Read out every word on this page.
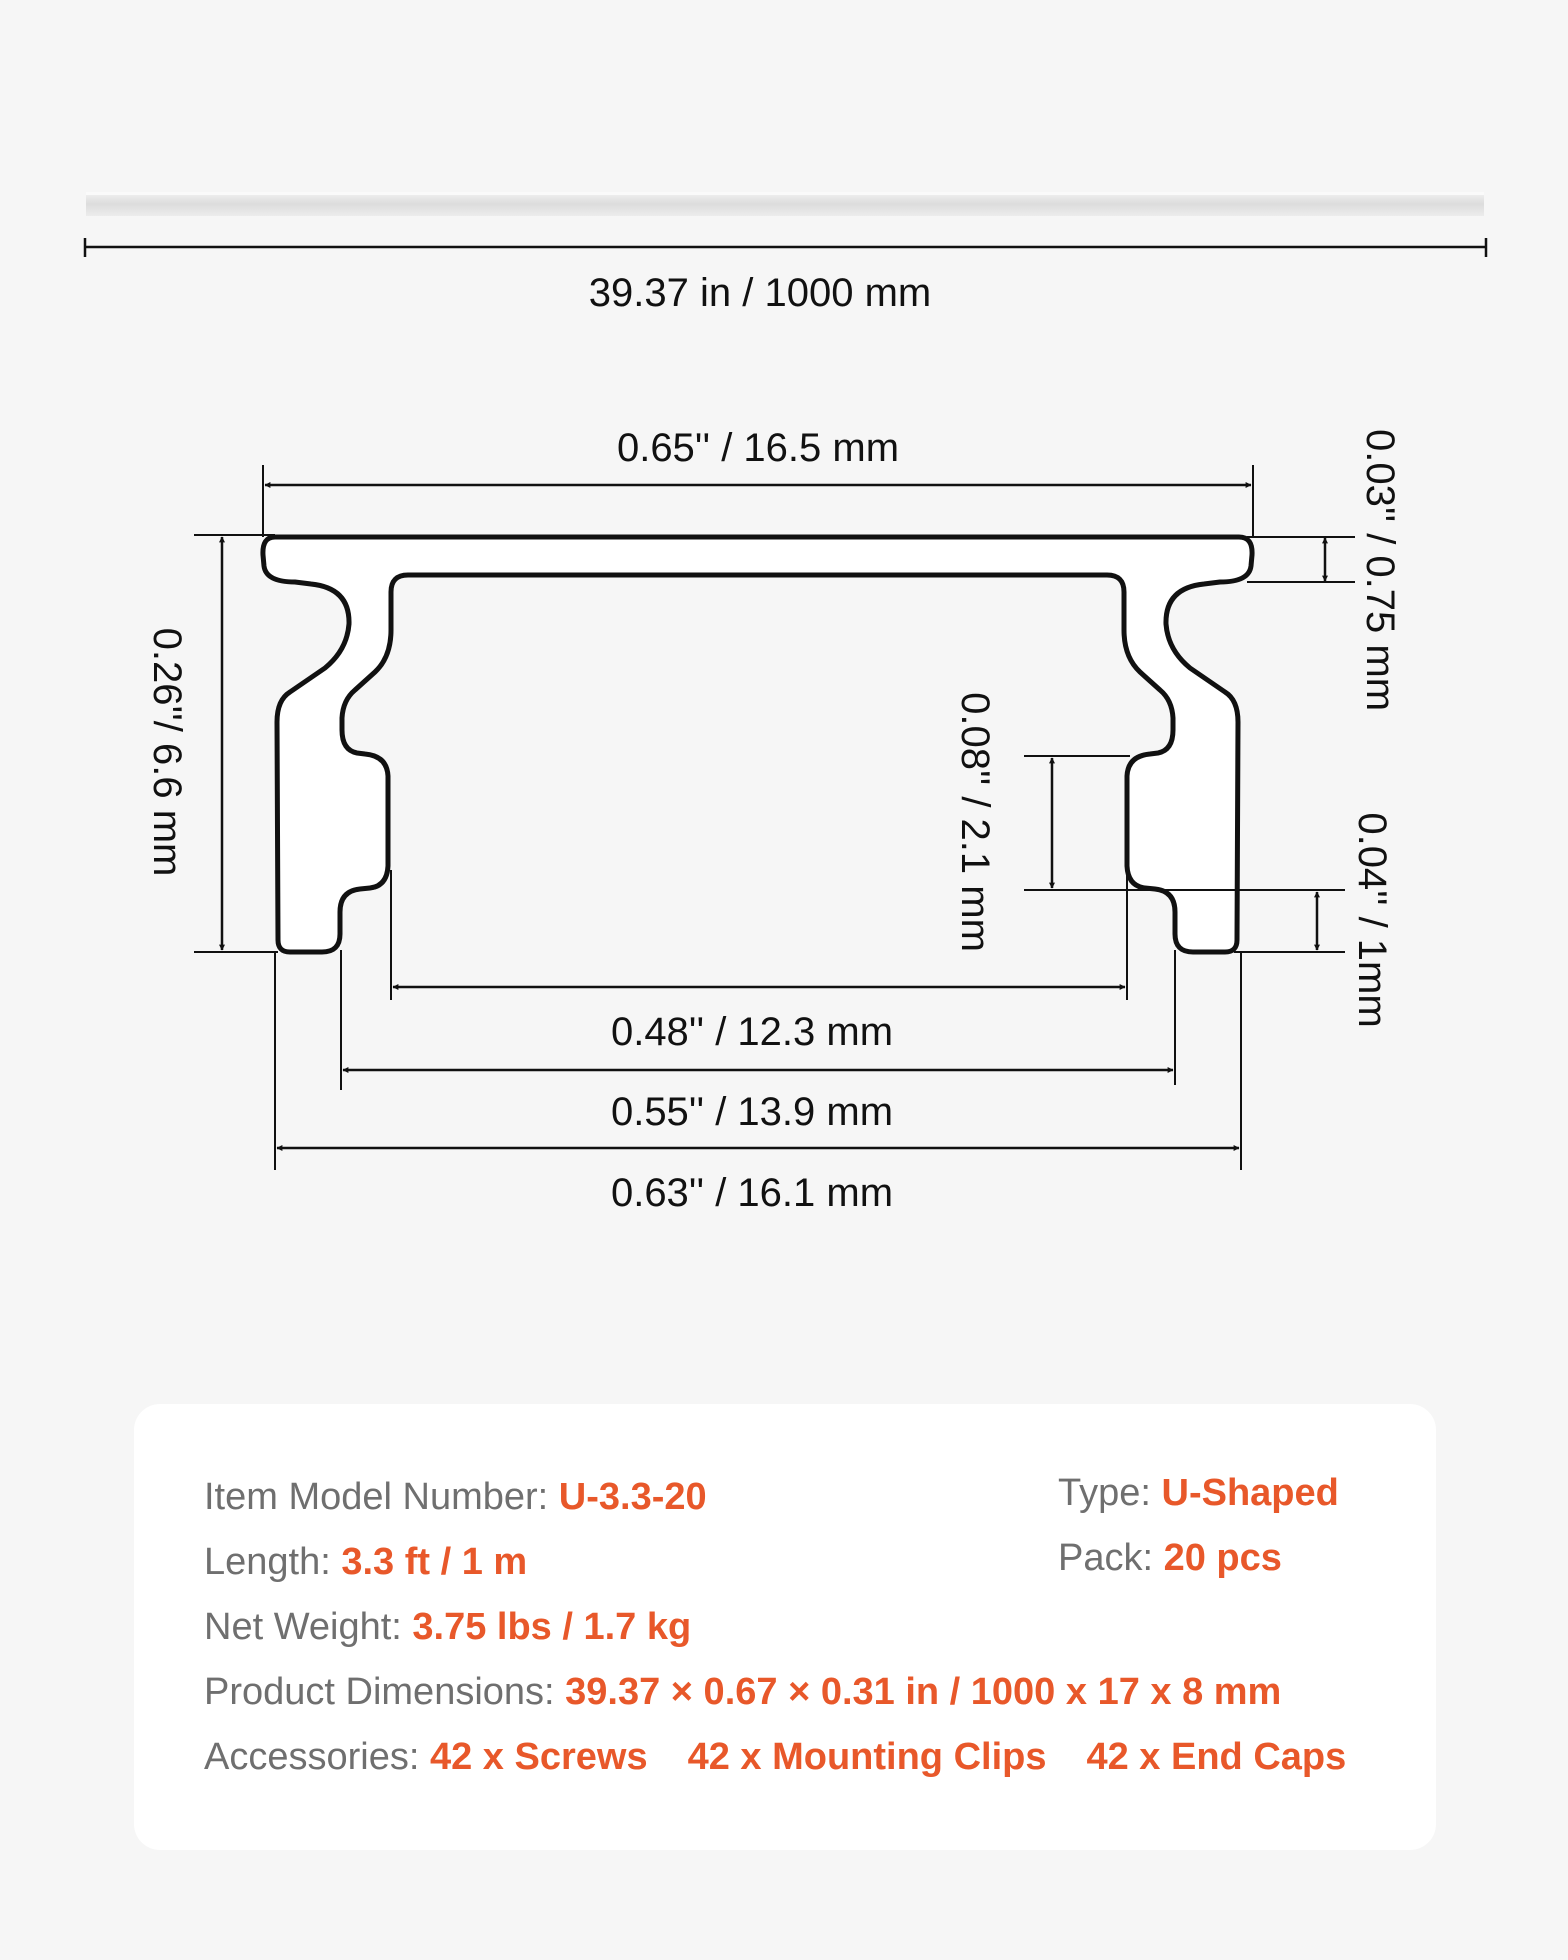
39.37 in / 1000 mm
0.65'' / 16.5 mm
0.26''/ 6.6 mm
0.03'' / 0.75 mm
0.08'' / 2.1 mm	0.04'' / 1mm
0.48'' / 12.3 mm
0.55'' / 13.9 mm
0.63'' / 16.1 mm
Item Model Number: U-3.3-20	Type: U-Shaped
Length: 3.3 ft / 1 m	Pack: 20 pcs
Net Weight: 3.75 lbs / 1.7 kg
Product Dimensions: 39.37 × 0.67 × 0.31 in / 1000 x 17 x 8 mm
Accessories: 42 x Screws 42 x Mounting Clips 42 x End Caps
